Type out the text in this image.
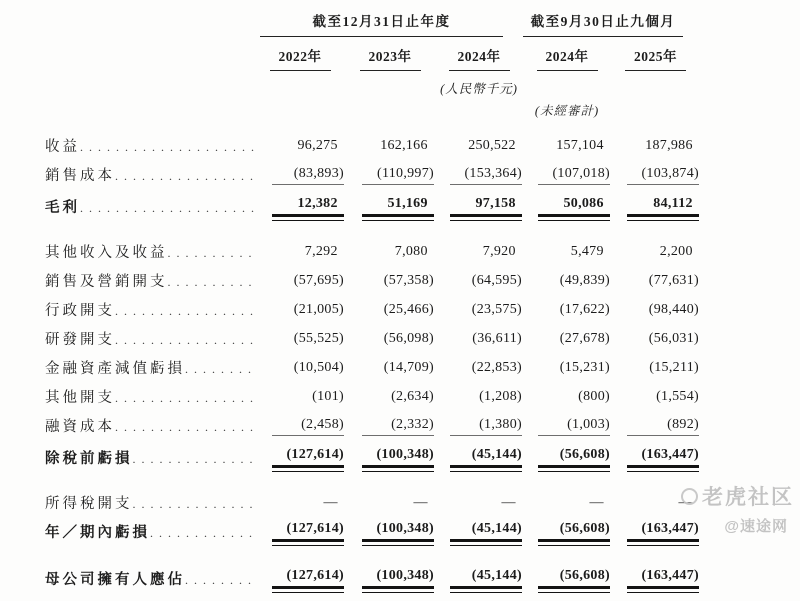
截至12月31日止年度	截至9月30日止九個月
2022年	2023年	2024年	2024年	2025年
(人民幣千元)
(未經審計)
收益 . . .	96,275  	162,166  	250,522  	157,104  	187,986  
銷售成本 . . .	(83,893)	(110,997)	(153,364)	(107,018)	(103,874)
毛利 . . .	12,382  	51,169  	97,158  	50,086  	84,112  
其他收入及收益 . . .	7,292  	7,080  	7,920  	5,479  	2,200  
銷售及營銷開支 . . .	(57,695)	(57,358)	(64,595)	(49,839)	(77,631)
行政開支 . . .	(21,005)	(25,466)	(23,575)	(17,622)	(98,440)
研發開支 . . .	(55,525)	(56,098)	(36,611)	(27,678)	(56,031)
金融資產減值虧損 . . .	(10,504)	(14,709)	(22,853)	(15,231)	(15,211)
其他開支 . . .	(101)	(2,634)	(1,208)	(800)	(1,554)
融資成本 . . .	(2,458)	(2,332)	(1,380)	(1,003)	(892)
除稅前虧損 . . .	(127,614)	(100,348)	(45,144)	(56,608)	(163,447)
所得稅開支 . . .	—  	—  	—  	—  	—  
年／期內虧損 . . .	(127,614)	(100,348)	(45,144)	(56,608)	(163,447)
母公司擁有人應佔 . . .	(127,614)	(100,348)	(45,144)	(56,608)	(163,447)
老虎社区
@速途网
